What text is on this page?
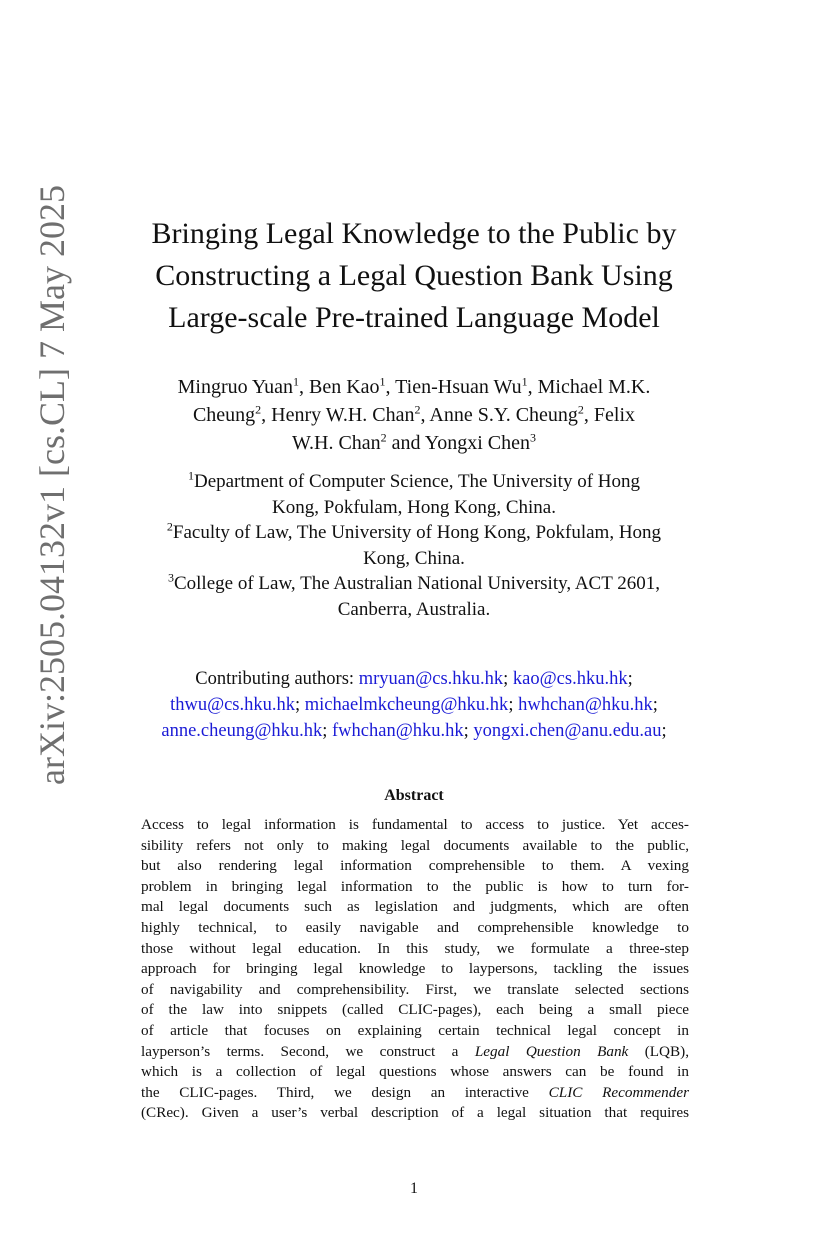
arXiv:2505.04132v1 [cs.CL] 7 May 2025	Bringing Legal Knowledge to the Public by
Constructing a Legal Question Bank Using
Large-scale Pre-trained Language Model
Mingruo Yuan$^1$, Ben Kao$^1$, Tien-Hsuan Wu$^1$, Michael M.K.
Cheung$^2$, Henry W.H. Chan$^2$, Anne S.Y. Cheung$^2$, Felix
W.H. Chan$^2$ and Yongxi Chen$^3$
$^1$Department of Computer Science, The University of Hong
Kong, Pokfulam, Hong Kong, China.
$^2$Faculty of Law, The University of Hong Kong, Pokfulam, Hong
Kong, China.
$^3$College of Law, The Australian National University, ACT 2601,
Canberra, Australia.
Contributing authors: mryuan@cs.hku.hk; kao@cs.hku.hk;
thwu@cs.hku.hk; michaelmkcheung@hku.hk; hwhchan@hku.hk;
anne.cheung@hku.hk; fwhchan@hku.hk; yongxi.chen@anu.edu.au;
Abstract
Access to legal information is fundamental to access to justice. Yet acces-
sibility refers not only to making legal documents available to the public,
but also rendering legal information comprehensible to them. A vexing
problem in bringing legal information to the public is how to turn for-
mal legal documents such as legislation and judgments, which are often
highly technical, to easily navigable and comprehensible knowledge to
those without legal education. In this study, we formulate a three-step
approach for bringing legal knowledge to laypersons, tackling the issues
of navigability and comprehensibility. First, we translate selected sections
of the law into snippets (called CLIC-pages), each being a small piece
of article that focuses on explaining certain technical legal concept in
layperson’s terms. Second, we construct a Legal Question Bank (LQB),
which is a collection of legal questions whose answers can be found in
the CLIC-pages. Third, we design an interactive CLIC Recommender
(CRec). Given a user’s verbal description of a legal situation that requires
1
